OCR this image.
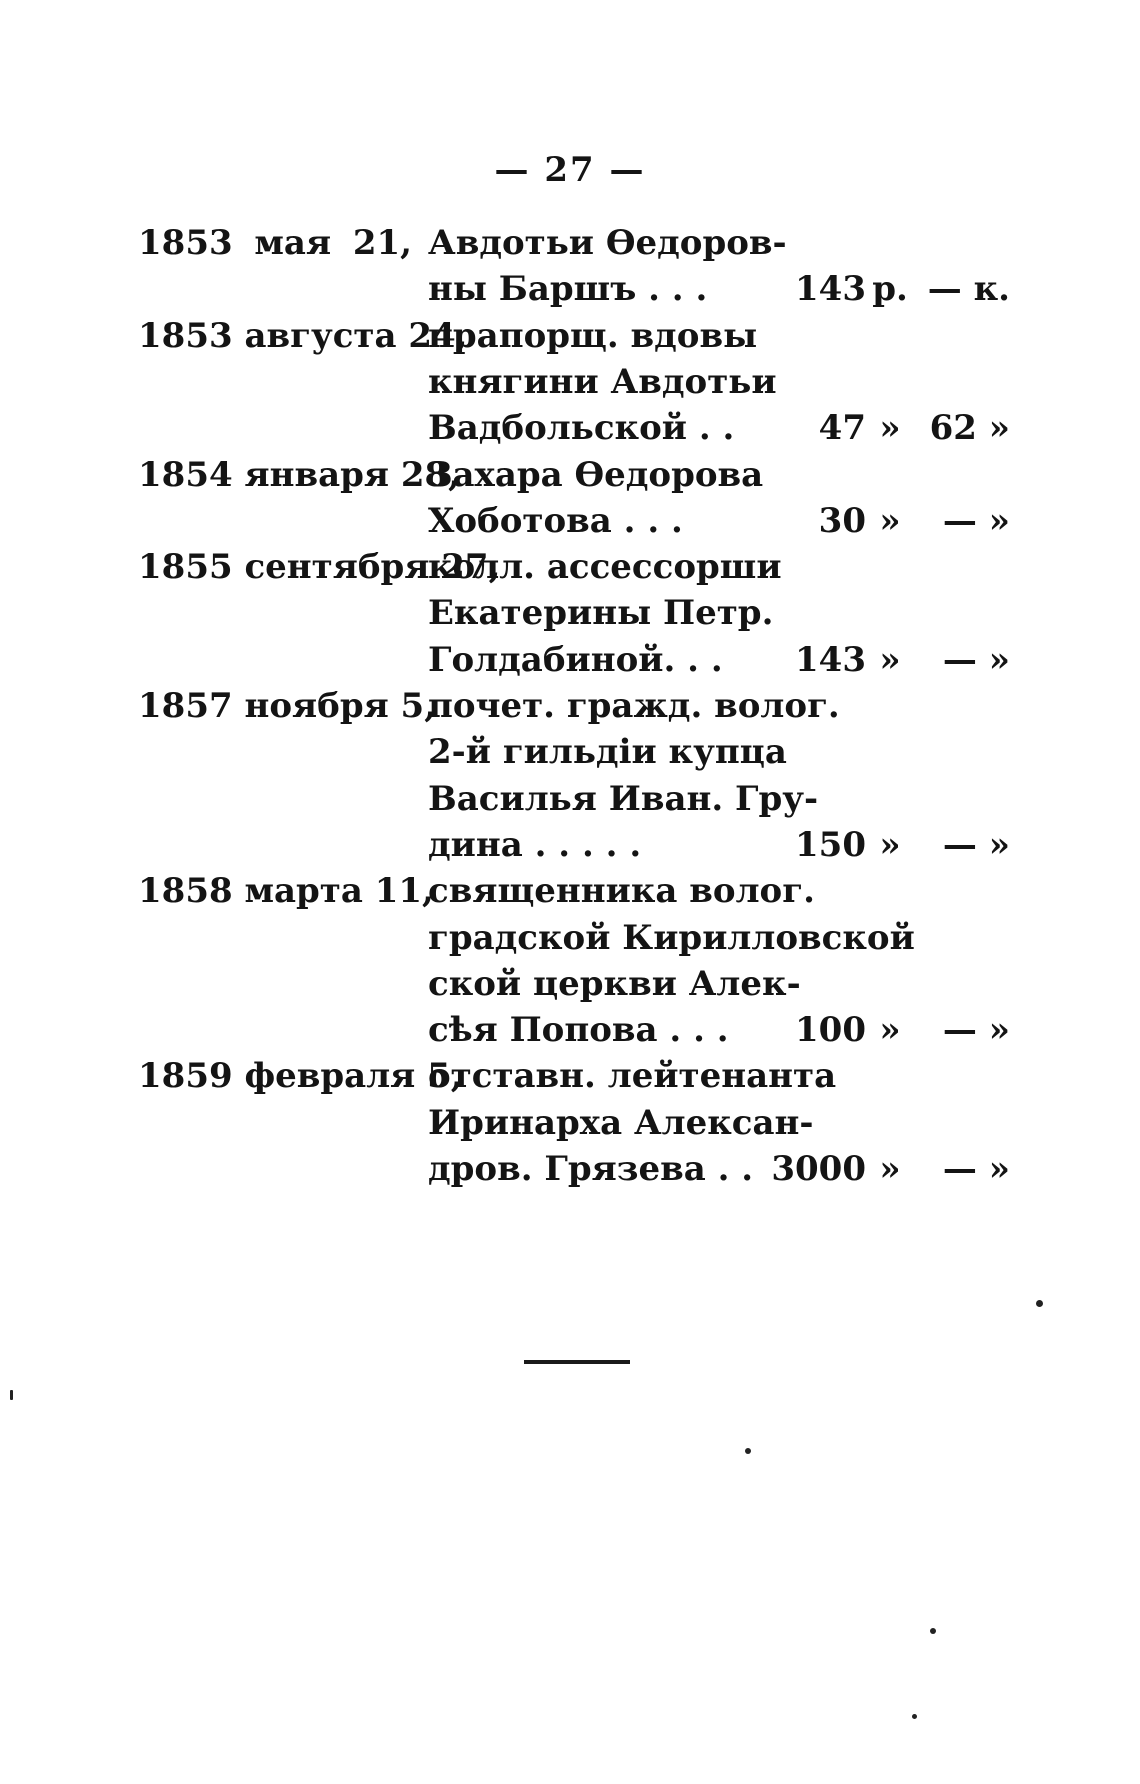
— 27 —
1853 мая 21, Авдотьи Өедоров-
ны Баршъ . . .	143 р. — к.
1853 августа 24,
прапорщ. вдовы
княгини Авдотьи
Вадбольской . .	47 » 62 »
1854 января 28,
Захара Өедорова
Хоботова . . .	30 »	— »
1855 сентября 27,
колл. ассессорши
Екатерины Петр.
Голдабиной. . .	143 »	— »
1857 ноября 5,
почет. гражд. волог.
2-й гильдіи купца
Василья Иван. Гру-
дина . . . . .	150 »	— »
1858 марта 11,
священника волог.
градской Кирилловской
ской церкви Алек-
сѣя Попова . . .	100 »	— »
1859 февраля 5,
отставн. лейтенанта
Иринарха Алексан-
дров. Грязева . . 3000 »	— »
